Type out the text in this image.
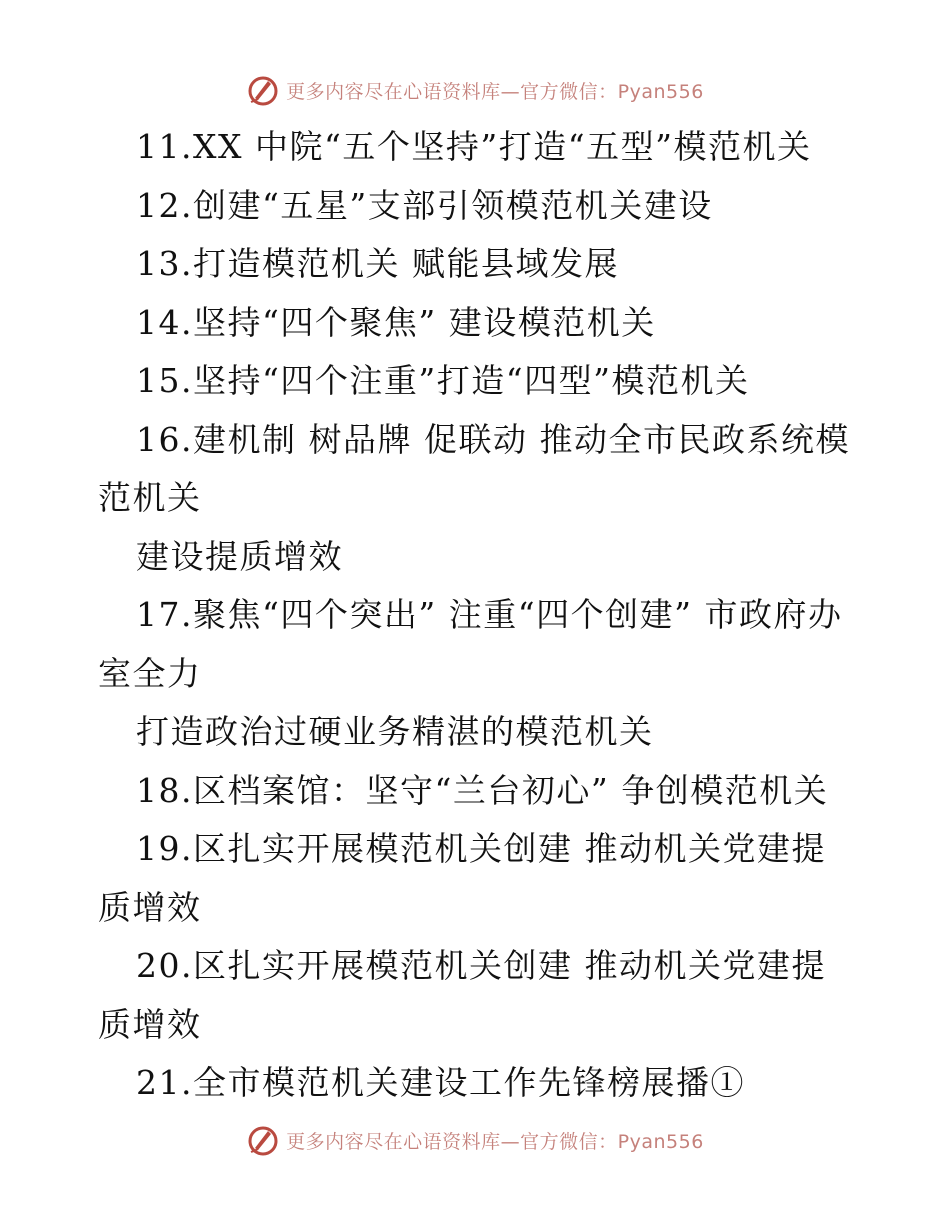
更多内容尽在心语资料库—官方微信：Pyan556

11.XX 中院“五个坚持”打造“五型”模范机关

12.创建“五星”支部引领模范机关建设

13.打造模范机关 赋能县域发展

14.坚持“四个聚焦” 建设模范机关

15.坚持“四个注重”打造“四型”模范机关

16.建机制 树品牌 促联动 推动全市民政系统模范机关

建设提质增效

17.聚焦“四个突出” 注重“四个创建” 市政府办室全力

打造政治过硬业务精湛的模范机关

18.区档案馆：坚守“兰台初心” 争创模范机关

19.区扎实开展模范机关创建 推动机关党建提质增效

20.区扎实开展模范机关创建 推动机关党建提质增效

21.全市模范机关建设工作先锋榜展播①

更多内容尽在心语资料库—官方微信：Pyan556
